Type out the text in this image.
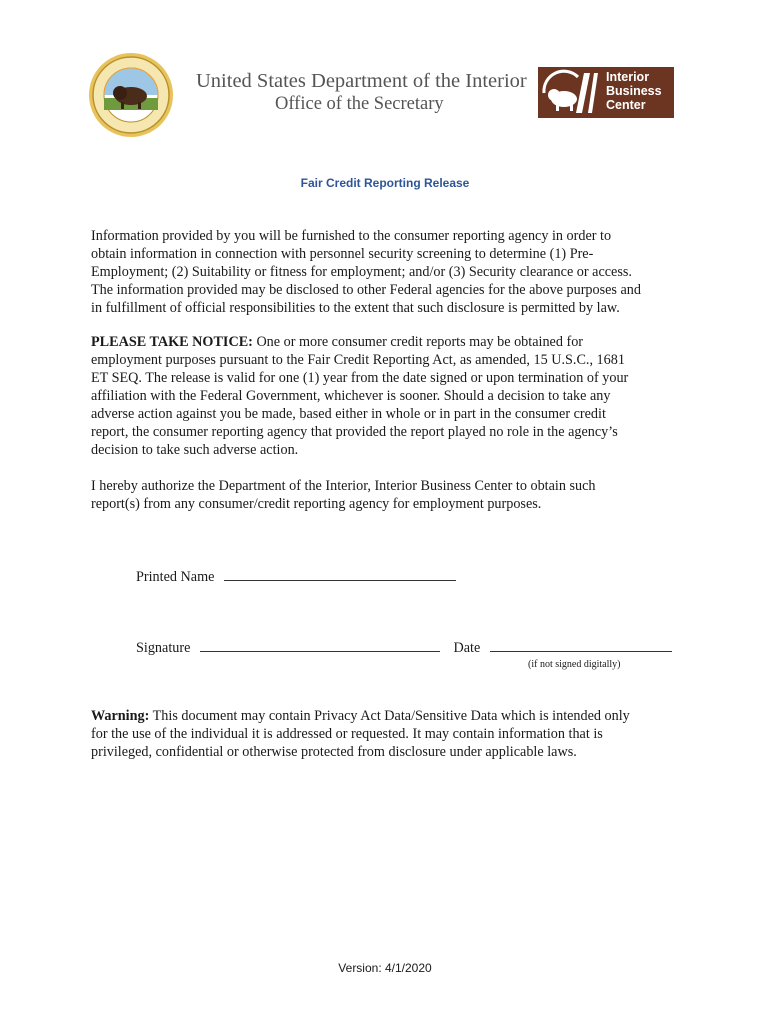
United States Department of the Interior
Office of the Secretary
Interior
Business
Center
Fair Credit Reporting Release
Information provided by you will be furnished to the consumer reporting agency in order to
obtain information in connection with personnel security screening to determine (1) Pre-
Employment; (2) Suitability or fitness for employment; and/or (3) Security clearance or access.
The information provided may be disclosed to other Federal agencies for the above purposes and
in fulfillment of official responsibilities to the extent that such disclosure is permitted by law.
PLEASE TAKE NOTICE: One or more consumer credit reports may be obtained for
employment purposes pursuant to the Fair Credit Reporting Act, as amended, 15 U.S.C., 1681
ET SEQ. The release is valid for one (1) year from the date signed or upon termination of your
affiliation with the Federal Government, whichever is sooner. Should a decision to take any
adverse action against you be made, based either in whole or in part in the consumer credit
report, the consumer reporting agency that provided the report played no role in the agency’s
decision to take such adverse action.
I hereby authorize the Department of the Interior, Interior Business Center to obtain such
report(s) from any consumer/credit reporting agency for employment purposes.
Printed Name
Signature	Date
(if not signed digitally)
Warning: This document may contain Privacy Act Data/Sensitive Data which is intended only
for the use of the individual it is addressed or requested. It may contain information that is
privileged, confidential or otherwise protected from disclosure under applicable laws.
Version: 4/1/2020
